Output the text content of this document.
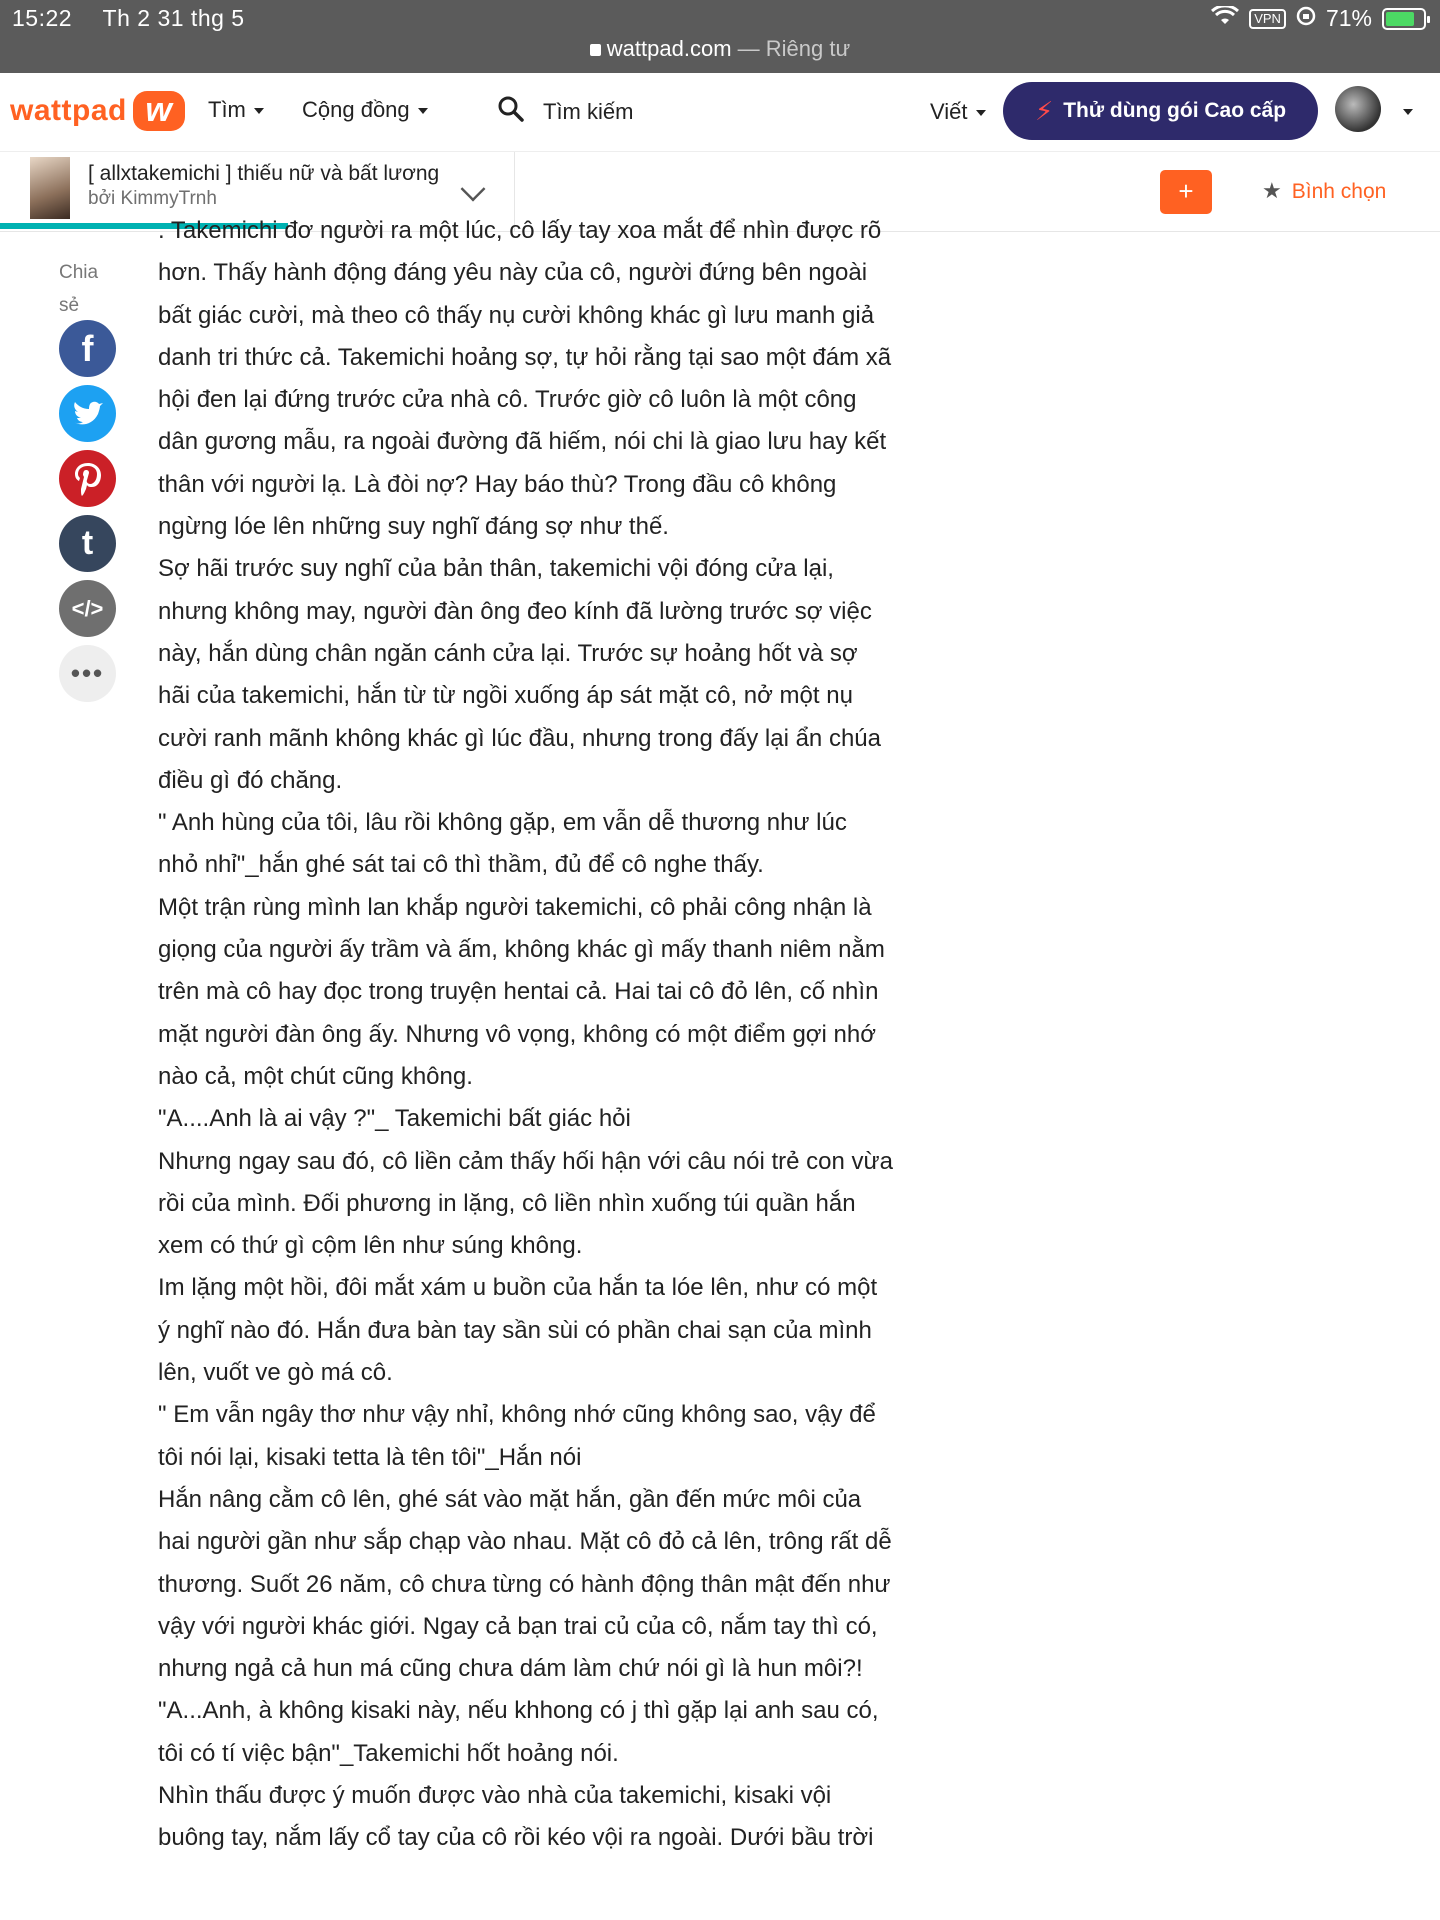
15:22 Th 2 31 thg 5	VPN 71%
wattpad.com — Riêng tư
wattpad w	Tìm	Cộng đồng	Tìm kiếm	Viết	⚡ Thử dùng gói Cao cấp
[ allxtakemichi ] thiếu nữ và bất lương
bởi KimmyTrnh	+	★ Bình chọn

. Takemichi đơ người ra một lúc, cô lấy tay xoa mắt để nhìn được rõ hơn. Thấy hành động đáng yêu này của cô, người đứng bên ngoài bất giác cười, mà theo cô thấy nụ cười không khác gì lưu manh giả danh tri thức cả. Takemichi hoảng sợ, tự hỏi rằng tại sao một đám xã hội đen lại đứng trước cửa nhà cô. Trước giờ cô luôn là một công dân gương mẫu, ra ngoài đường đã hiếm, nói chi là giao lưu hay kết thân với người lạ. Là đòi nợ? Hay báo thù? Trong đầu cô không ngừng lóe lên những suy nghĩ đáng sợ như thế.

Sợ hãi trước suy nghĩ của bản thân, takemichi vội đóng cửa lại, nhưng không may, người đàn ông đeo kính đã lường trước sợ việc này, hắn dùng chân ngăn cánh cửa lại. Trước sự hoảng hốt và sợ hãi của takemichi, hắn từ từ ngồi xuống áp sát mặt cô, nở một nụ cười ranh mãnh không khác gì lúc đầu, nhưng trong đấy lại ẩn chúa điều gì đó chăng.

" Anh hùng của tôi, lâu rồi không gặp, em vẫn dễ thương như lúc nhỏ nhỉ"_hắn ghé sát tai cô thì thầm, đủ để cô nghe thấy.

Một trận rùng mình lan khắp người takemichi, cô phải công nhận là giọng của người ấy trầm và ấm, không khác gì mấy thanh niêm nằm trên mà cô hay đọc trong truyện hentai cả. Hai tai cô đỏ lên, cố nhìn mặt người đàn ông ấy. Nhưng vô vọng, không có một điểm gợi nhớ nào cả, một chút cũng không.

"A....Anh là ai vậy ?"_ Takemichi bất giác hỏi

Nhưng ngay sau đó, cô liền cảm thấy hối hận với câu nói trẻ con vừa rồi của mình. Đối phương in lặng, cô liền nhìn xuống túi quần hắn xem có thứ gì cộm lên như súng không.

Im lặng một hồi, đôi mắt xám u buồn của hắn ta lóe lên, như có một ý nghĩ nào đó. Hắn đưa bàn tay sần sùi có phần chai sạn của mình lên, vuốt ve gò má cô.

" Em vẫn ngây thơ như vậy nhỉ, không nhớ cũng không sao, vậy để tôi nói lại, kisaki tetta là tên tôi"_Hắn nói

Hắn nâng cằm cô lên, ghé sát vào mặt hắn, gần đến mức môi của hai người gần như sắp chạp vào nhau. Mặt cô đỏ cả lên, trông rất dễ thương. Suốt 26 năm, cô chưa từng có hành động thân mật đến như vậy với người khác giới. Ngay cả bạn trai củ của cô, nắm tay thì có, nhưng ngả cả hun má cũng chưa dám làm chứ nói gì là hun môi?!

"A...Anh, à không kisaki này, nếu khhong có j thì gặp lại anh sau có, tôi có tí việc bận"_Takemichi hốt hoảng nói.

Nhìn thấu được ý muốn được vào nhà của takemichi, kisaki vội buông tay, nắm lấy cổ tay của cô rồi kéo vội ra ngoài. Dưới bầu trời

Chia sẻ
f
t
</>
•••
